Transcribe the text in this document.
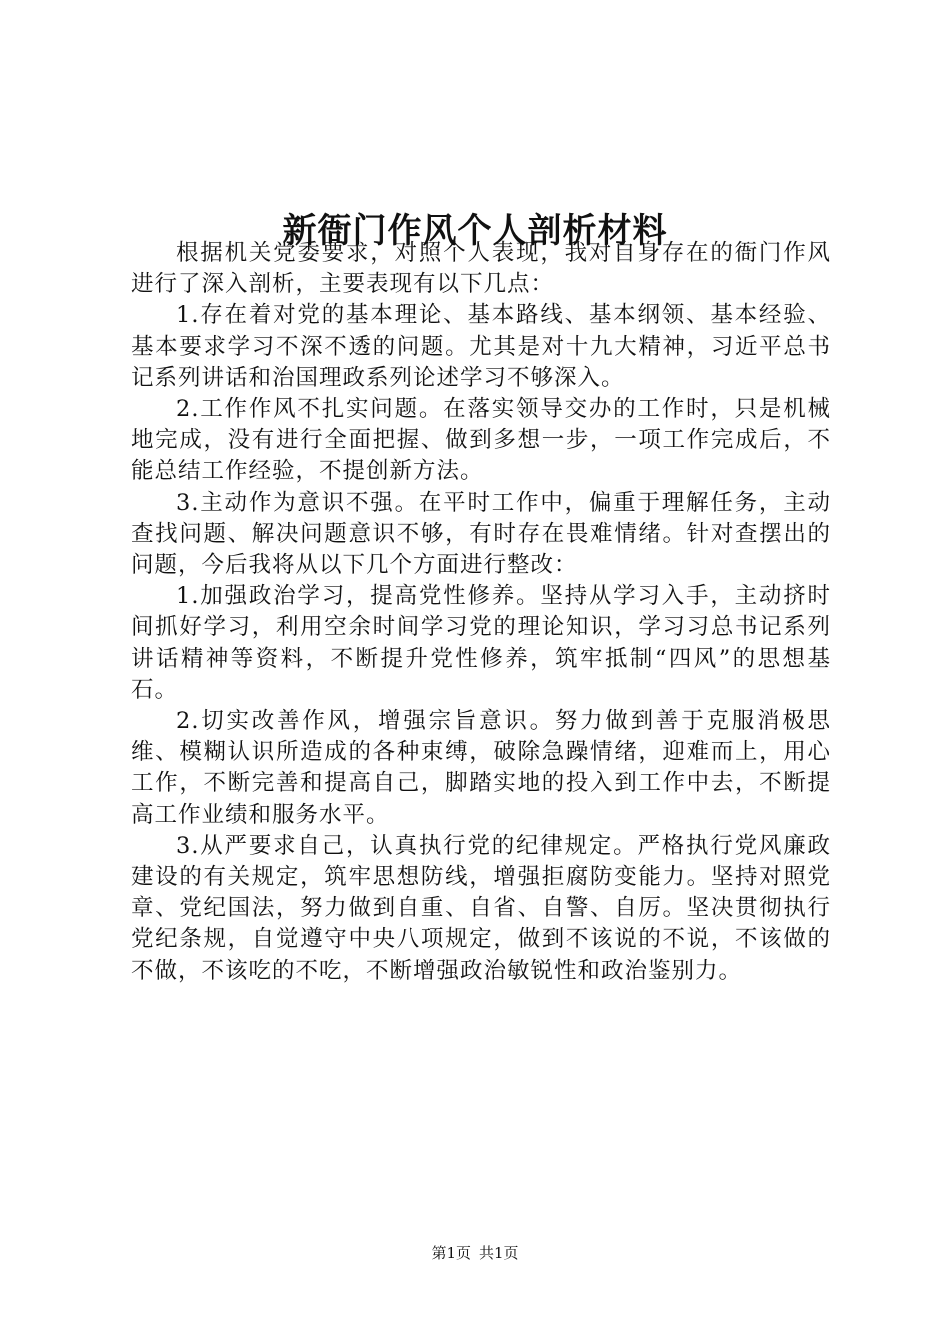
新衙门作风个人剖析材料

根据机关党委要求，对照个人表现，我对自身存在的衙门作风进行了深入剖析，主要表现有以下几点：

1.存在着对党的基本理论、基本路线、基本纲领、基本经验、基本要求学习不深不透的问题。尤其是对十九大精神，习近平总书记系列讲话和治国理政系列论述学习不够深入。

2.工作作风不扎实问题。在落实领导交办的工作时，只是机械地完成，没有进行全面把握、做到多想一步，一项工作完成后，不能总结工作经验，不提创新方法。

3.主动作为意识不强。在平时工作中，偏重于理解任务，主动查找问题、解决问题意识不够，有时存在畏难情绪。针对查摆出的问题，今后我将从以下几个方面进行整改：

1.加强政治学习，提高党性修养。坚持从学习入手，主动挤时间抓好学习，利用空余时间学习党的理论知识，学习习总书记系列讲话精神等资料，不断提升党性修养，筑牢抵制“四风”的思想基石。

2.切实改善作风，增强宗旨意识。努力做到善于克服消极思维、模糊认识所造成的各种束缚，破除急躁情绪，迎难而上，用心工作，不断完善和提高自己，脚踏实地的投入到工作中去，不断提高工作业绩和服务水平。

3.从严要求自己，认真执行党的纪律规定。严格执行党风廉政建设的有关规定，筑牢思想防线，增强拒腐防变能力。坚持对照党章、党纪国法，努力做到自重、自省、自警、自厉。坚决贯彻执行党纪条规，自觉遵守中央八项规定，做到不该说的不说，不该做的不做，不该吃的不吃，不断增强政治敏锐性和政治鉴别力。

第1页 共1页
